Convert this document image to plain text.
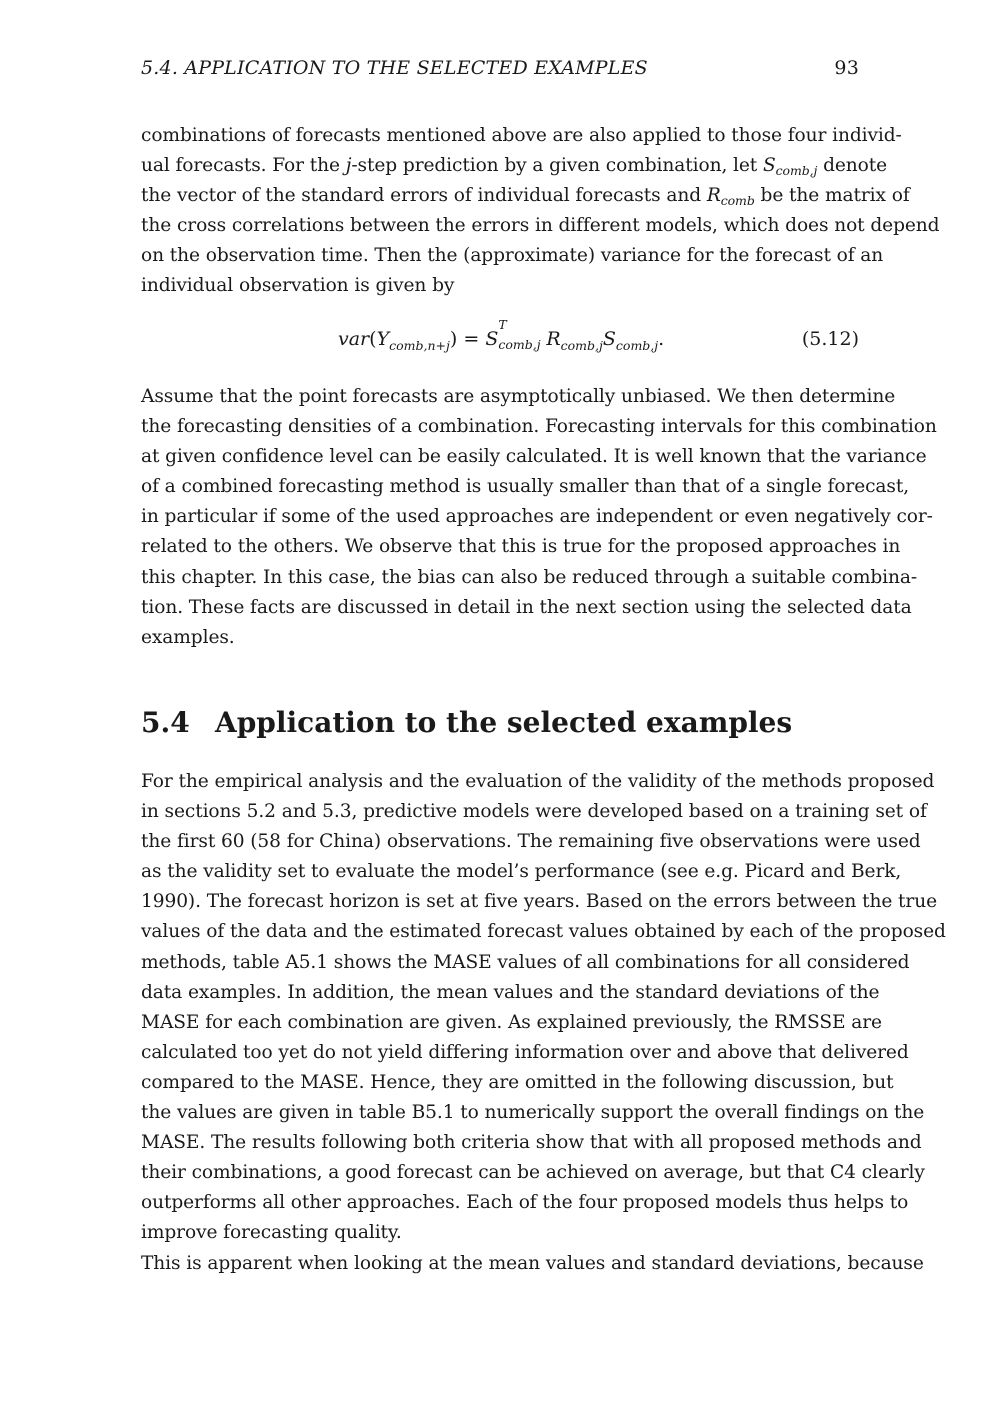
5.4. APPLICATION TO THE SELECTED EXAMPLES	93
combinations of forecasts mentioned above are also applied to those four individ-
ual forecasts. For the j-step prediction by a given combination, let $S_{comb,j}$ denote
the vector of the standard errors of individual forecasts and $R_{comb}$ be the matrix of
the cross correlations between the errors in different models, which does not depend
on the observation time. Then the (approximate) variance for the forecast of an
individual observation is given by
$var(Y_{comb,n+j}) = S$
T
comb,j $R_{comb,j}S_{comb,j}$.	(5.12)
Assume that the point forecasts are asymptotically unbiased. We then determine
the forecasting densities of a combination. Forecasting intervals for this combination
at given confidence level can be easily calculated. It is well known that the variance
of a combined forecasting method is usually smaller than that of a single forecast,
in particular if some of the used approaches are independent or even negatively cor-
related to the others. We observe that this is true for the proposed approaches in
this chapter. In this case, the bias can also be reduced through a suitable combina-
tion. These facts are discussed in detail in the next section using the selected data
examples.
5.4 Application to the selected examples
For the empirical analysis and the evaluation of the validity of the methods proposed
in sections 5.2 and 5.3, predictive models were developed based on a training set of
the first 60 (58 for China) observations. The remaining five observations were used
as the validity set to evaluate the model’s performance (see e.g. Picard and Berk,
1990). The forecast horizon is set at five years. Based on the errors between the true
values of the data and the estimated forecast values obtained by each of the proposed
methods, table A5.1 shows the MASE values of all combinations for all considered
data examples. In addition, the mean values and the standard deviations of the
MASE for each combination are given. As explained previously, the RMSSE are
calculated too yet do not yield differing information over and above that delivered
compared to the MASE. Hence, they are omitted in the following discussion, but
the values are given in table B5.1 to numerically support the overall findings on the
MASE. The results following both criteria show that with all proposed methods and
their combinations, a good forecast can be achieved on average, but that C4 clearly
outperforms all other approaches. Each of the four proposed models thus helps to
improve forecasting quality.
This is apparent when looking at the mean values and standard deviations, because
